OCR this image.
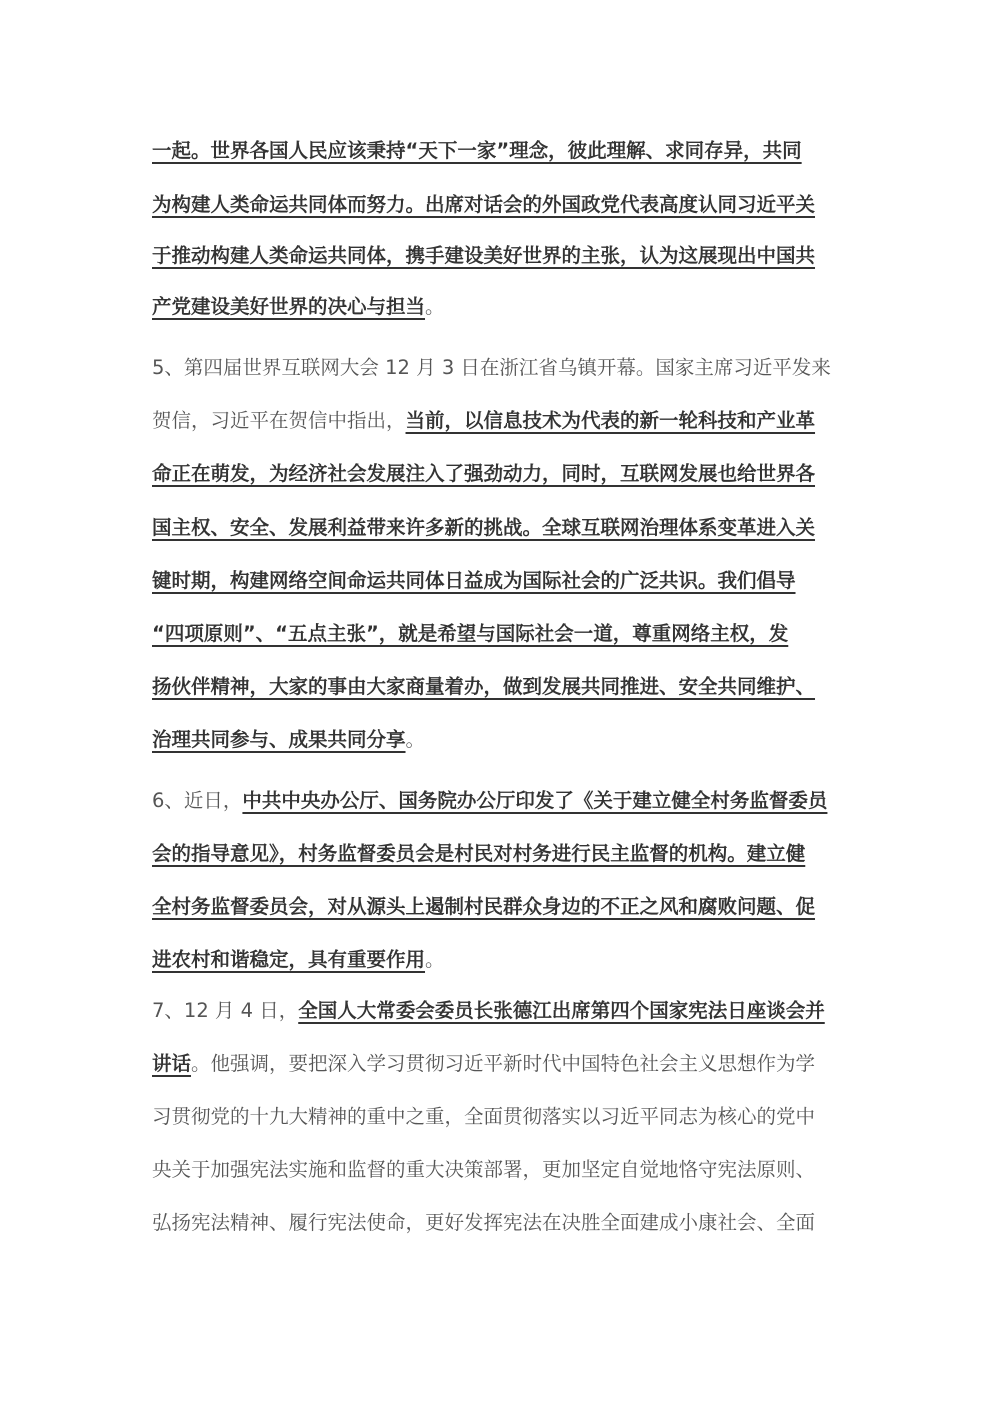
一起。世界各国人民应该秉持“天下一家”理念，彼此理解、求同存异，共同
为构建人类命运共同体而努力。出席对话会的外国政党代表高度认同习近平关
于推动构建人类命运共同体，携手建设美好世界的主张，认为这展现出中国共
产党建设美好世界的决心与担当。
5、第四届世界互联网大会 12 月 3 日在浙江省乌镇开幕。国家主席习近平发来
贺信，习近平在贺信中指出，当前，以信息技术为代表的新一轮科技和产业革
命正在萌发，为经济社会发展注入了强劲动力，同时，互联网发展也给世界各
国主权、安全、发展利益带来许多新的挑战。全球互联网治理体系变革进入关
键时期，构建网络空间命运共同体日益成为国际社会的广泛共识。我们倡导
“四项原则”、“五点主张”，就是希望与国际社会一道，尊重网络主权，发
扬伙伴精神，大家的事由大家商量着办，做到发展共同推进、安全共同维护、
治理共同参与、成果共同分享。
6、近日，中共中央办公厅、国务院办公厅印发了《关于建立健全村务监督委员
会的指导意见》，村务监督委员会是村民对村务进行民主监督的机构。建立健
全村务监督委员会，对从源头上遏制村民群众身边的不正之风和腐败问题、促
进农村和谐稳定，具有重要作用。
7、12 月 4 日，全国人大常委会委员长张德江出席第四个国家宪法日座谈会并
讲话。他强调，要把深入学习贯彻习近平新时代中国特色社会主义思想作为学
习贯彻党的十九大精神的重中之重，全面贯彻落实以习近平同志为核心的党中
央关于加强宪法实施和监督的重大决策部署，更加坚定自觉地恪守宪法原则、
弘扬宪法精神、履行宪法使命，更好发挥宪法在决胜全面建成小康社会、全面
